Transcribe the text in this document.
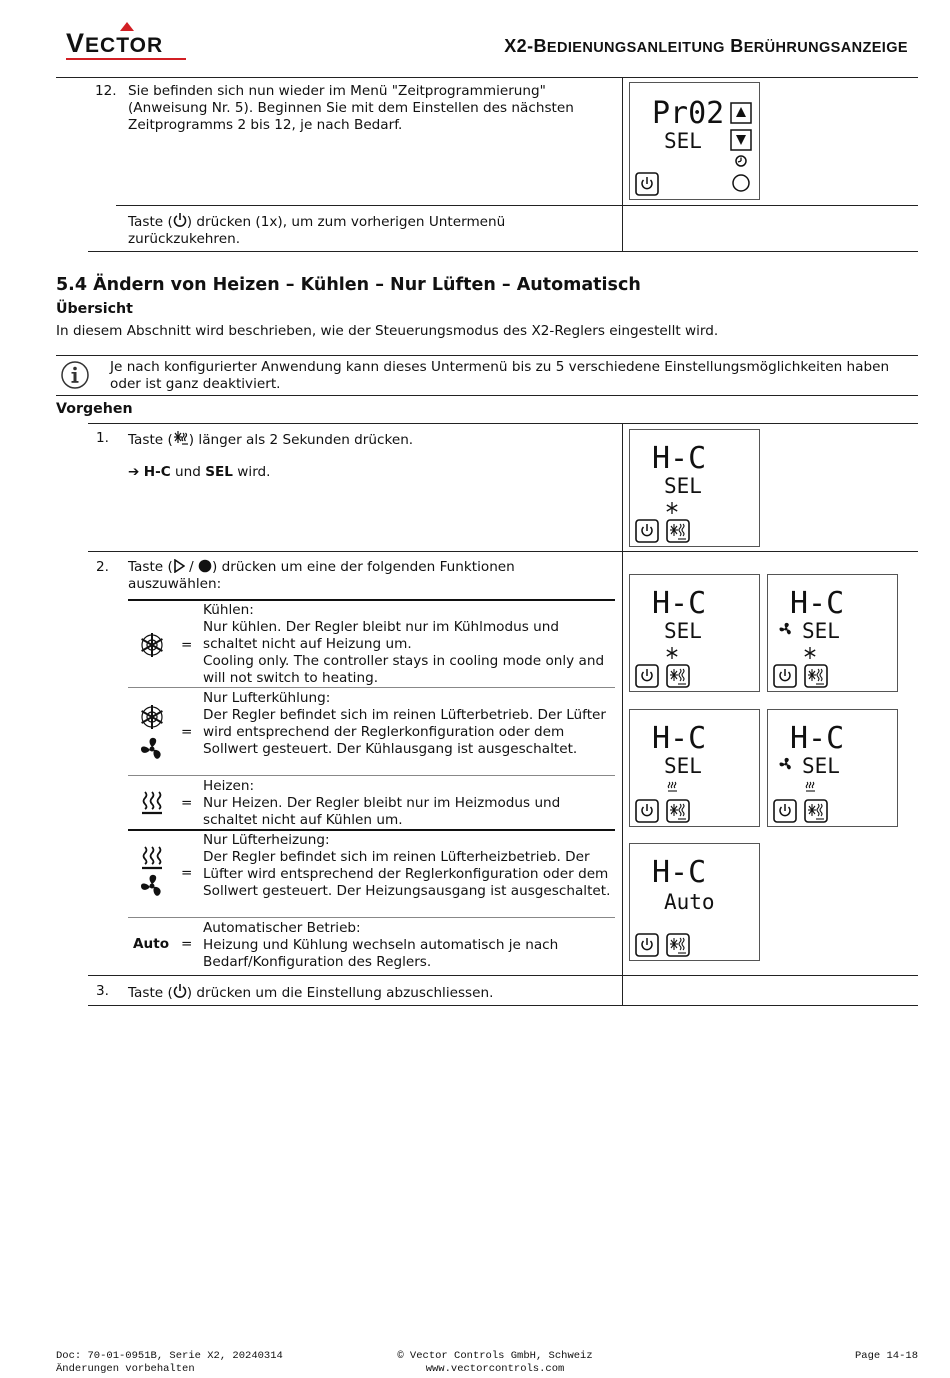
VECTOR	X2-BEDIENUNGSANLEITUNG BERÜHRUNGSANZEIGE
12. Sie befinden sich nun wieder im Menü "Zeitprogrammierung" (Anweisung Nr. 5). Beginnen Sie mit dem Einstellen des nächsten Zeitprogramms 2 bis 12, je nach Bedarf.
Taste ( ) drücken (1x), um zum vorherigen Untermenü zurückzukehren.
Pr02
SEL
5.4 Ändern von Heizen – Kühlen – Nur Lüften – Automatisch
Übersicht
In diesem Abschnitt wird beschrieben, wie der Steuerungsmodus des X2-Reglers eingestellt wird.
Je nach konfigurierter Anwendung kann dieses Untermenü bis zu 5 verschiedene Einstellungsmöglichkeiten haben oder ist ganz deaktiviert.
Vorgehen
1. Taste ( ) länger als 2 Sekunden drücken.
➔ H-C und SEL wird.	H-C
SEL
2. Taste ( / ) drücken um eine der folgenden Funktionen auszuwählen:
Auto
=
=
=
=
=
Kühlen:
Nur kühlen. Der Regler bleibt nur im Kühlmodus und schaltet nicht auf Heizung um.
Cooling only. The controller stays in cooling mode only and will not switch to heating.
Nur Lufterkühlung:
Der Regler befindet sich im reinen Lüfterbetrieb. Der Lüfter wird entsprechend der Reglerkonfiguration oder dem Sollwert gesteuert. Der Kühlausgang ist ausgeschaltet.
Heizen:
Nur Heizen. Der Regler bleibt nur im Heizmodus und schaltet nicht auf Kühlen um.
Nur Lüfterheizung:
Der Regler befindet sich im reinen Lüfterheizbetrieb. Der Lüfter wird entsprechend der Reglerkonfiguration oder dem Sollwert gesteuert. Der Heizungsausgang ist ausgeschaltet.
Automatischer Betrieb:
Heizung und Kühlung wechseln automatisch je nach Bedarf/Konfiguration des Reglers.
H-C
SEL
H-C
SEL
H-C
SEL
H-C
SEL
H-C
Auto
3. Taste ( ) drücken um die Einstellung abzuschliessen.
Doc: 70-01-0951B, Serie X2, 20240314
Änderungen vorbehalten
© Vector Controls GmbH, Schweiz
www.vectorcontrols.com
Page 14-18
